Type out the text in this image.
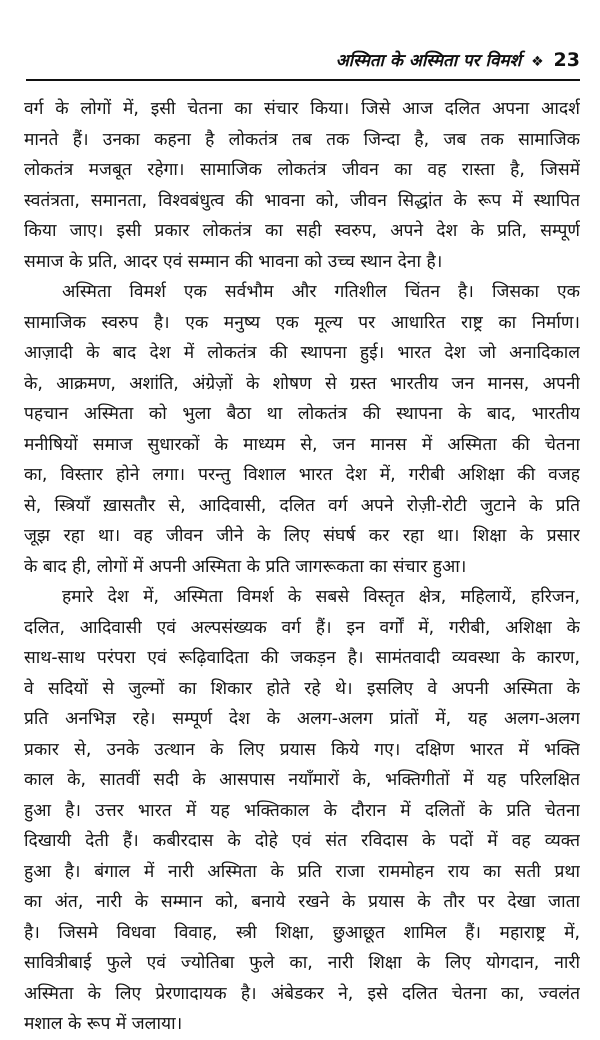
अस्मिता के अस्मिता पर विमर्श ❖ 23
वर्ग के लोगों में, इसी चेतना का संचार किया। जिसे आज दलित अपना आदर्श
मानते हैं। उनका कहना है लोकतंत्र तब तक जिन्दा है, जब तक सामाजिक
लोकतंत्र मजबूत रहेगा। सामाजिक लोकतंत्र जीवन का वह रास्ता है, जिसमें
स्वतंत्रता, समानता, विश्वबंधुत्व की भावना को, जीवन सिद्धांत के रूप में स्थापित
किया जाए। इसी प्रकार लोकतंत्र का सही स्वरुप, अपने देश के प्रति, सम्पूर्ण
समाज के प्रति, आदर एवं सम्मान की भावना को उच्च स्थान देना है।
अस्मिता विमर्श एक सर्वभौम और गतिशील चिंतन है। जिसका एक
सामाजिक स्वरुप है। एक मनुष्य एक मूल्य पर आधारित राष्ट्र का निर्माण।
आज़ादी के बाद देश में लोकतंत्र की स्थापना हुई। भारत देश जो अनादिकाल
के, आक्रमण, अशांति, अंग्रेज़ों के शोषण से ग्रस्त भारतीय जन मानस, अपनी
पहचान अस्मिता को भुला बैठा था लोकतंत्र की स्थापना के बाद, भारतीय
मनीषियों समाज सुधारकों के माध्यम से, जन मानस में अस्मिता की चेतना
का, विस्तार होने लगा। परन्तु विशाल भारत देश में, गरीबी अशिक्षा की वजह
से, स्त्रियाँ ख़ासतौर से, आदिवासी, दलित वर्ग अपने रोज़ी-रोटी जुटाने के प्रति
जूझ रहा था। वह जीवन जीने के लिए संघर्ष कर रहा था। शिक्षा के प्रसार
के बाद ही, लोगों में अपनी अस्मिता के प्रति जागरूकता का संचार हुआ।
हमारे देश में, अस्मिता विमर्श के सबसे विस्तृत क्षेत्र, महिलायें, हरिजन,
दलित, आदिवासी एवं अल्पसंख्यक वर्ग हैं। इन वर्गों में, गरीबी, अशिक्षा के
साथ-साथ परंपरा एवं रूढ़िवादिता की जकड़न है। सामंतवादी व्यवस्था के कारण,
वे सदियों से जुल्मों का शिकार होते रहे थे। इसलिए वे अपनी अस्मिता के
प्रति अनभिज्ञ रहे। सम्पूर्ण देश के अलग-अलग प्रांतों में, यह अलग-अलग
प्रकार से, उनके उत्थान के लिए प्रयास किये गए। दक्षिण भारत में भक्ति
काल के, सातवीं सदी के आसपास नयाँमारों के, भक्तिगीतों में यह परिलक्षित
हुआ है। उत्तर भारत में यह भक्तिकाल के दौरान में दलितों के प्रति चेतना
दिखायी देती हैं। कबीरदास के दोहे एवं संत रविदास के पदों में वह व्यक्त
हुआ है। बंगाल में नारी अस्मिता के प्रति राजा राममोहन राय का सती प्रथा
का अंत, नारी के सम्मान को, बनाये रखने के प्रयास के तौर पर देखा जाता
है। जिसमे विधवा विवाह, स्त्री शिक्षा, छुआछूत शामिल हैं। महाराष्ट्र में,
सावित्रीबाई फुले एवं ज्योतिबा फुले का, नारी शिक्षा के लिए योगदान, नारी
अस्मिता के लिए प्रेरणादायक है। अंबेडकर ने, इसे दलित चेतना का, ज्वलंत
मशाल के रूप में जलाया।
